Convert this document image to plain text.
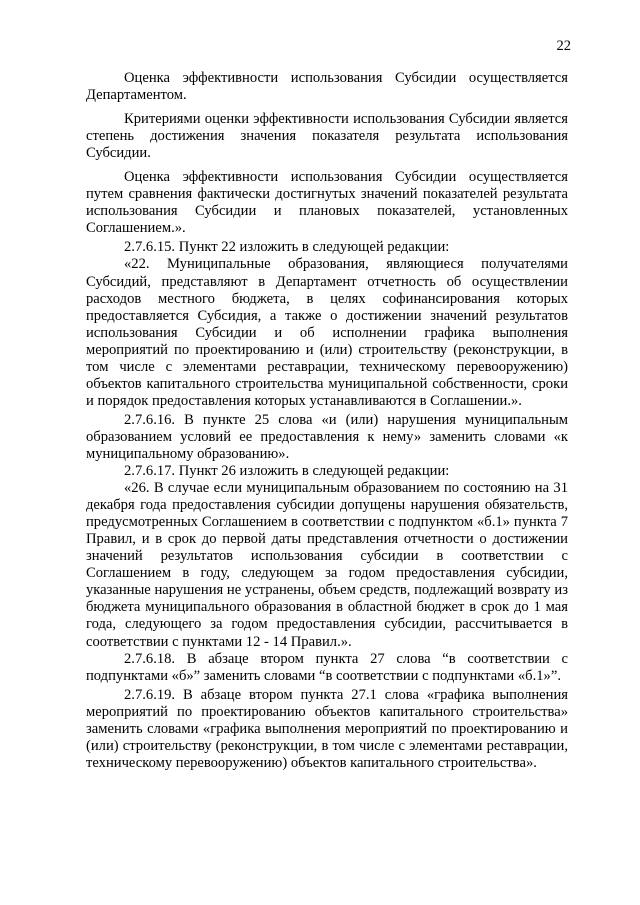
22

Оценка эффективности использования Субсидии осуществляется Департаментом.

Критериями оценки эффективности использования Субсидии является степень достижения значения показателя результата использования Субсидии.

Оценка эффективности использования Субсидии осуществляется путем сравнения фактически достигнутых значений показателей результата использования Субсидии и плановых показателей, установленных Соглашением.».

2.7.6.15. Пункт 22 изложить в следующей редакции:

«22. Муниципальные образования, являющиеся получателями Субсидий, представляют в Департамент отчетность об осуществлении расходов местного бюджета, в целях софинансирования которых предоставляется Субсидия, а также о достижении значений результатов использования Субсидии и об исполнении графика выполнения мероприятий по проектированию и (или) строительству (реконструкции, в том числе с элементами реставрации, техническому перевооружению) объектов капитального строительства муниципальной собственности, сроки и порядок предоставления которых устанавливаются в Соглашении.».

2.7.6.16. В пункте 25 слова «и (или) нарушения муниципальным образованием условий ее предоставления к нему» заменить словами «к муниципальному образованию».

2.7.6.17. Пункт 26 изложить в следующей редакции:

«26. В случае если муниципальным образованием по состоянию на 31 декабря года предоставления субсидии допущены нарушения обязательств, предусмотренных Соглашением в соответствии с подпунктом «б.1» пункта 7 Правил, и в срок до первой даты представления отчетности о достижении значений результатов использования субсидии в соответствии с Соглашением в году, следующем за годом предоставления субсидии, указанные нарушения не устранены, объем средств, подлежащий возврату из бюджета муниципального образования в областной бюджет в срок до 1 мая года, следующего за годом предоставления субсидии, рассчитывается в соответствии с пунктами 12 - 14 Правил.».

2.7.6.18. В абзаце втором пункта 27 слова “в соответствии с подпунктами «б»” заменить словами “в соответствии с подпунктами «б.1»”.

2.7.6.19. В абзаце втором пункта 27.1 слова «графика выполнения мероприятий по проектированию объектов капитального строительства» заменить словами «графика выполнения мероприятий по проектированию и (или) строительству (реконструкции, в том числе с элементами реставрации, техническому перевооружению) объектов капитального строительства».
